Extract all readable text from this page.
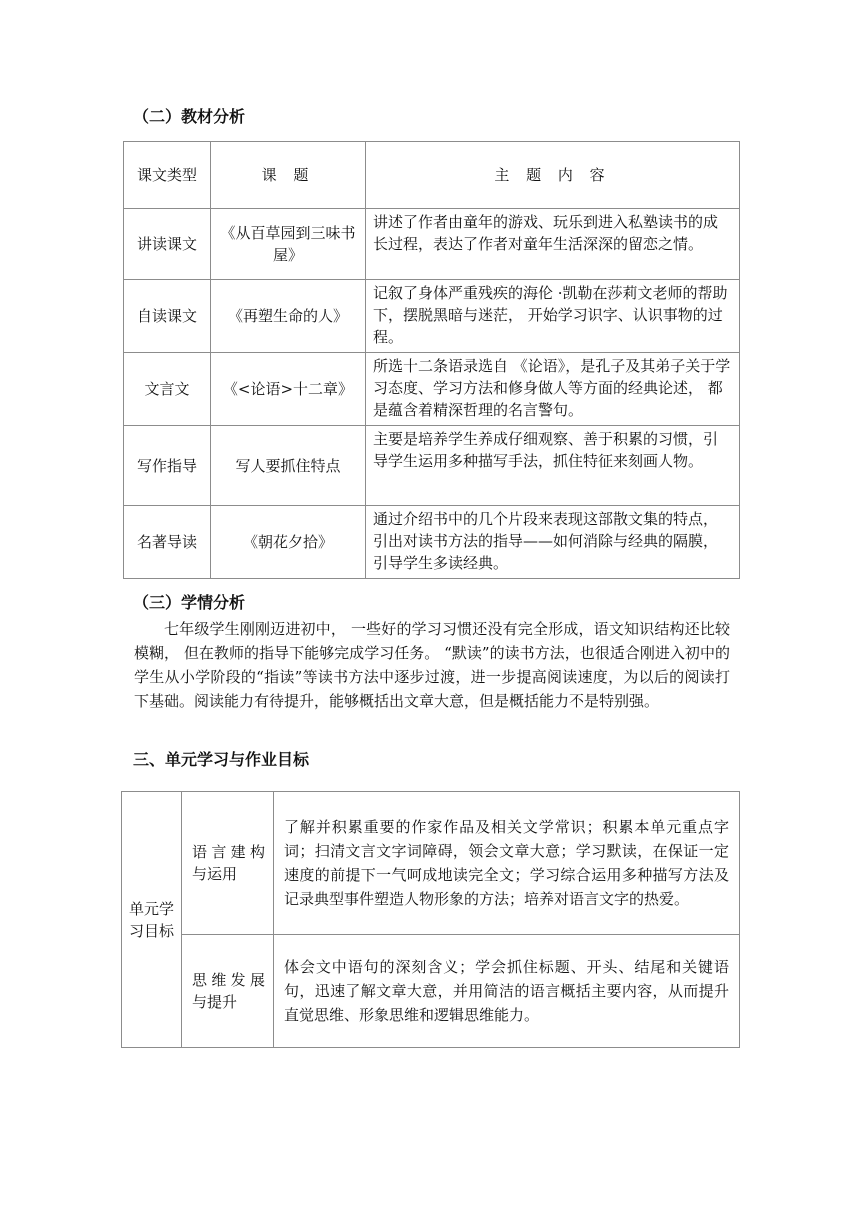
（二）教材分析
课文类型	课 题	主 题 内 容
讲读课文	《从百草园到三味书屋》	讲述了作者由童年的游戏、玩乐到进入私塾读书的成长过程，表达了作者对童年生活深深的留恋之情。
自读课文	《再塑生命的人》	记叙了身体严重残疾的海伦 ·凯勒在莎莉文老师的帮助下，摆脱黑暗与迷茫， 开始学习识字、认识事物的过程。
文言文	《<论语>十二章》	所选十二条语录选自 《论语》，是孔子及其弟子关于学习态度、学习方法和修身做人等方面的经典论述， 都是蕴含着精深哲理的名言警句。
写作指导	写人要抓住特点	主要是培养学生养成仔细观察、善于积累的习惯，引导学生运用多种描写手法，抓住特征来刻画人物。
名著导读	《朝花夕拾》	通过介绍书中的几个片段来表现这部散文集的特点，引出对读书方法的指导——如何消除与经典的隔膜，引导学生多读经典。
（三）学情分析
七年级学生刚刚迈进初中， 一些好的学习习惯还没有完全形成，语文知识结构还比较模糊， 但在教师的指导下能够完成学习任务。 “默读”的读书方法，也很适合刚进入初中的学生从小学阶段的“指读”等读书方法中逐步过渡，进一步提高阅读速度，为以后的阅读打下基础。阅读能力有待提升，能够概括出文章大意，但是概括能力不是特别强。
三、单元学习与作业目标
单元学习目标	语言建构与运用	了解并积累重要的作家作品及相关文学常识；积累本单元重点字词；扫清文言文字词障碍，领会文章大意；学习默读，在保证一定速度的前提下一气呵成地读完全文；学习综合运用多种描写方法及记录典型事件塑造人物形象的方法；培养对语言文字的热爱。
	思维发展与提升	体会文中语句的深刻含义；学会抓住标题、开头、结尾和关键语句，迅速了解文章大意，并用简洁的语言概括主要内容，从而提升直觉思维、形象思维和逻辑思维能力。
